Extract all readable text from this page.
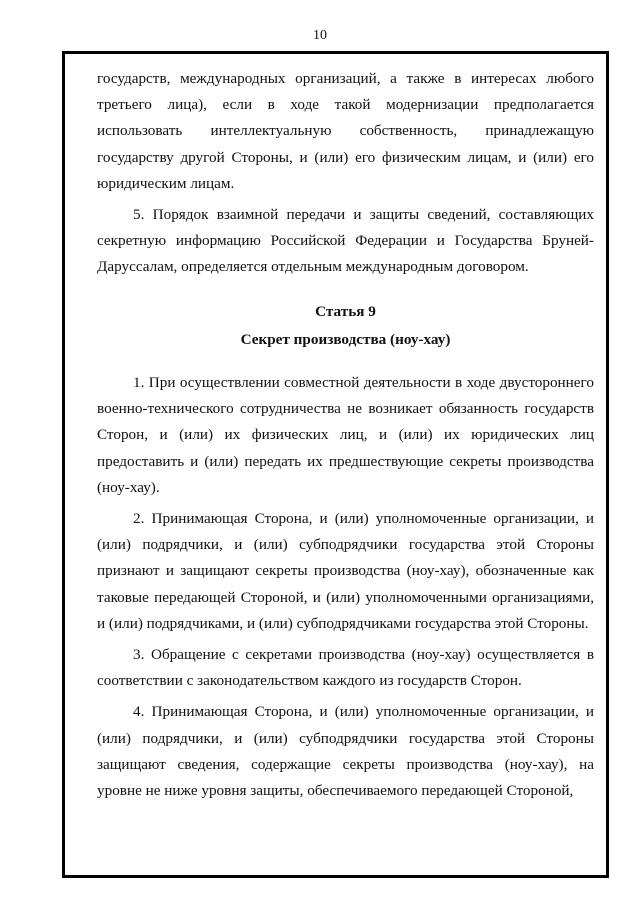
10

государств, международных организаций, а также в интересах любого третьего лица), если в ходе такой модернизации предполагается использовать интеллектуальную собственность, принадлежащую государству другой Стороны, и (или) его физическим лицам, и (или) его юридическим лицам.

5. Порядок взаимной передачи и защиты сведений, составляющих секретную информацию Российской Федерации и Государства Бруней-Даруссалам, определяется отдельным международным договором.

Статья 9

Секрет производства (ноу-хау)

1. При осуществлении совместной деятельности в ходе двустороннего военно-технического сотрудничества не возникает обязанность государств Сторон, и (или) их физических лиц, и (или) их юридических лиц предоставить и (или) передать их предшествующие секреты производства (ноу-хау).

2. Принимающая Сторона, и (или) уполномоченные организации, и (или) подрядчики, и (или) субподрядчики государства этой Стороны признают и защищают секреты производства (ноу-хау), обозначенные как таковые передающей Стороной, и (или) уполномоченными организациями, и (или) подрядчиками, и (или) субподрядчиками государства этой Стороны.

3. Обращение с секретами производства (ноу-хау) осуществляется в соответствии с законодательством каждого из государств Сторон.

4. Принимающая Сторона, и (или) уполномоченные организации, и (или) подрядчики, и (или) субподрядчики государства этой Стороны защищают сведения, содержащие секреты производства (ноу-хау), на уровне не ниже уровня защиты, обеспечиваемого передающей Стороной,
